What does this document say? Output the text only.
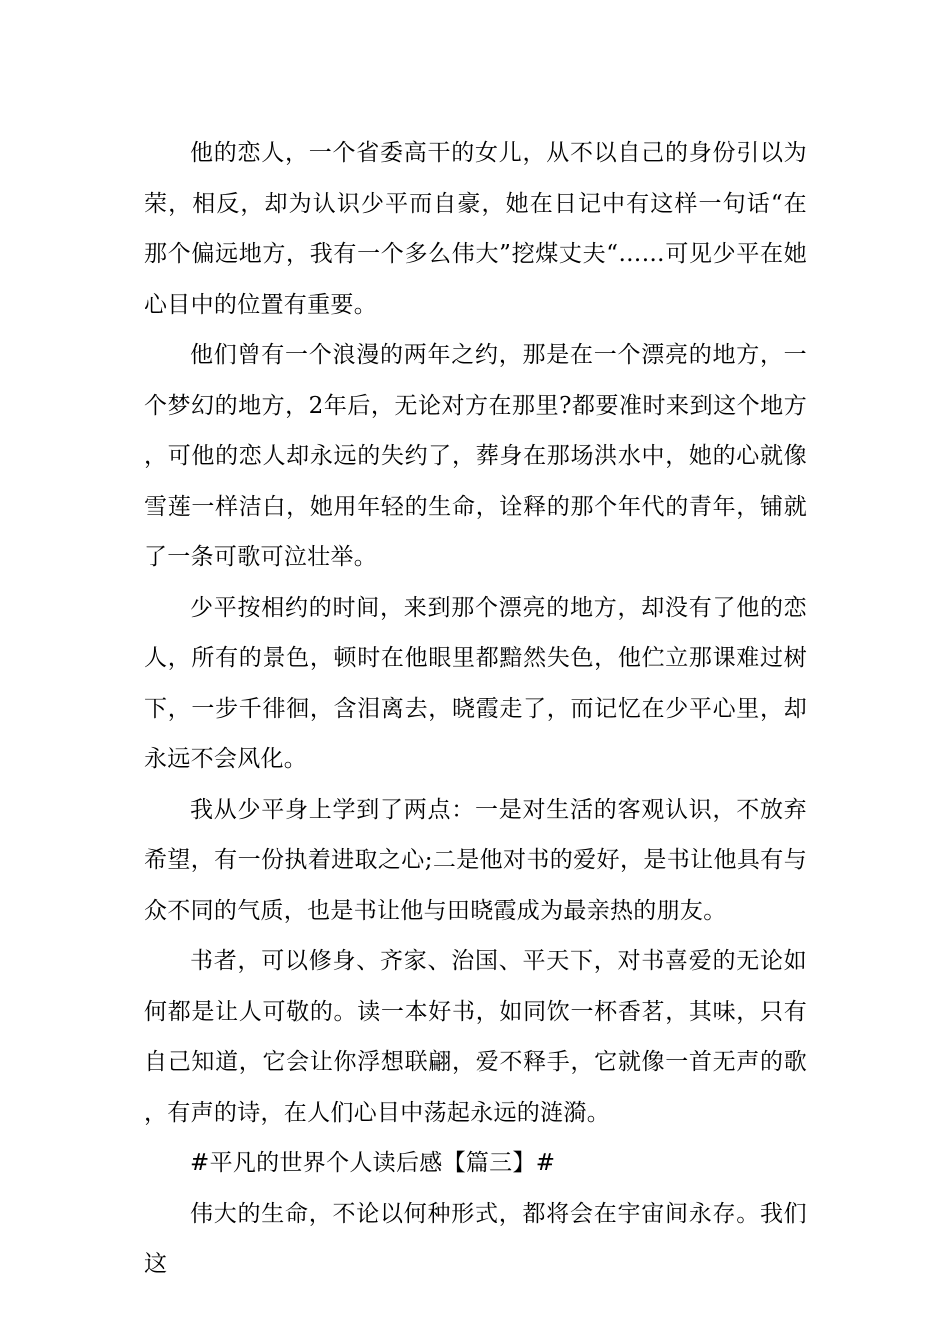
他的恋人，一个省委高干的女儿，从不以自己的身份引以为荣，相反，却为认识少平而自豪，她在日记中有这样一句话“在那个偏远地方，我有一个多么伟大”挖煤丈夫“……可见少平在她心目中的位置有重要。

他们曾有一个浪漫的两年之约，那是在一个漂亮的地方，一个梦幻的地方，2年后，无论对方在那里?都要准时来到这个地方，可他的恋人却永远的失约了，葬身在那场洪水中，她的心就像雪莲一样洁白，她用年轻的生命，诠释的那个年代的青年，铺就了一条可歌可泣壮举。

少平按相约的时间，来到那个漂亮的地方，却没有了他的恋人，所有的景色，顿时在他眼里都黯然失色，他伫立那课难过树下，一步千徘徊，含泪离去，晓霞走了，而记忆在少平心里，却永远不会风化。

我从少平身上学到了两点：一是对生活的客观认识，不放弃希望，有一份执着进取之心;二是他对书的爱好，是书让他具有与众不同的气质，也是书让他与田晓霞成为最亲热的朋友。

书者，可以修身、齐家、治国、平天下，对书喜爱的无论如何都是让人可敬的。读一本好书，如同饮一杯香茗，其味，只有自己知道，它会让你浮想联翩，爱不释手，它就像一首无声的歌，有声的诗，在人们心目中荡起永远的涟漪。

#平凡的世界个人读后感【篇三】#

伟大的生命，不论以何种形式，都将会在宇宙间永存。我们这
